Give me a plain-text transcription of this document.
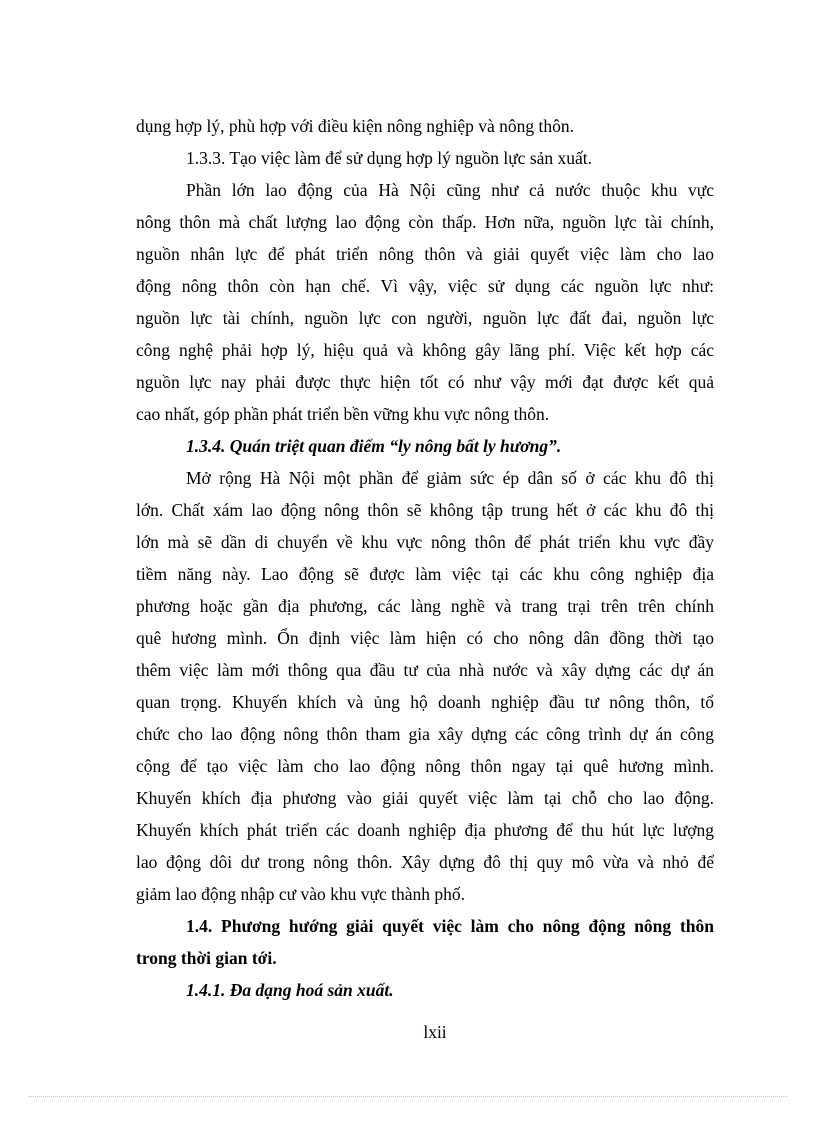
dụng hợp lý, phù hợp với điều kiện nông nghiệp và nông thôn.
1.3.3. Tạo việc làm để sử dụng hợp lý nguồn lực sản xuất.
Phần lớn lao động của Hà Nội cũng như cả nước thuộc khu vực
nông thôn mà chất lượng lao động còn thấp. Hơn nữa, nguồn lực tài chính,
nguồn nhân lực để phát triển nông thôn và giải quyết việc làm cho lao
động nông thôn còn hạn chế. Vì vậy, việc sử dụng các nguồn lực như:
nguồn lực tài chính, nguồn lực con người, nguồn lực đất đai, nguồn lực
công nghệ phải hợp lý, hiệu quả và không gây lãng phí. Việc kết hợp các
nguồn lực nay phải được thực hiện tốt có như vậy mới đạt được kết quả
cao nhất, góp phần phát triển bền vững khu vực nông thôn.
1.3.4. Quán triệt quan điểm “ly nông bất ly hương”.
Mở rộng Hà Nội một phần để giảm sức ép dân số ở các khu đô thị
lớn. Chất xám lao động nông thôn sẽ không tập trung hết ở các khu đô thị
lớn mà sẽ dần di chuyển về khu vực nông thôn để phát triển khu vực đầy
tiềm năng này. Lao động sẽ được làm việc tại các khu công nghiệp địa
phương hoặc gần địa phương, các làng nghề và trang trại trên trên chính
quê hương mình. Ổn định việc làm hiện có cho nông dân đồng thời tạo
thêm việc làm mới thông qua đầu tư của nhà nước và xây dựng các dự án
quan trọng. Khuyến khích và ủng hộ doanh nghiệp đầu tư nông thôn, tổ
chức cho lao động nông thôn tham gia xây dựng các công trình dự án công
cộng để tạo việc làm cho lao động nông thôn ngay tại quê hương mình.
Khuyến khích địa phương vào giải quyết việc làm tại chỗ cho lao động.
Khuyến khích phát triển các doanh nghiệp địa phương để thu hút lực lượng
lao động dôi dư trong nông thôn. Xây dựng đô thị quy mô vừa và nhỏ để
giảm lao động nhập cư vào khu vực thành phố.
1.4. Phương hướng giải quyết việc làm cho nông động nông thôn
trong thời gian tới.
1.4.1. Đa dạng hoá sản xuất.
lxii
